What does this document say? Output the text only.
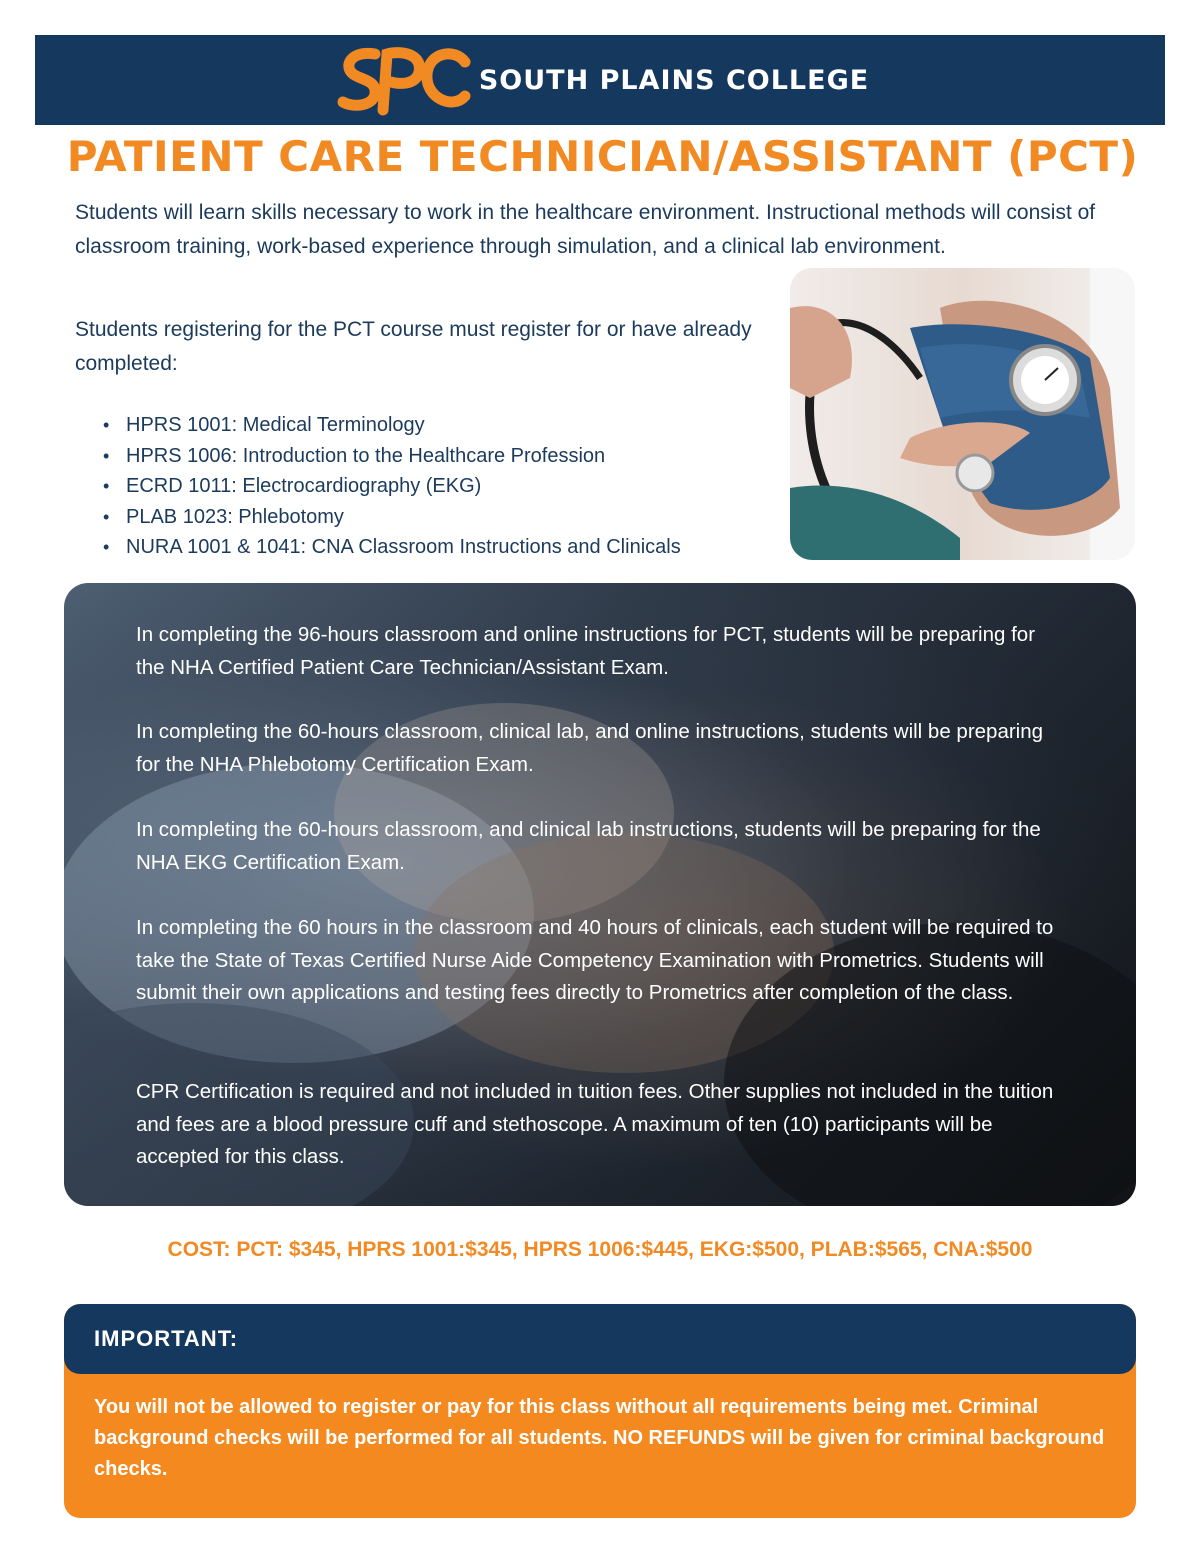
SOUTH PLAINS COLLEGE
PATIENT CARE TECHNICIAN/ASSISTANT (PCT)

Students will learn skills necessary to work in the healthcare environment. Instructional methods will consist of classroom training, work-based experience through simulation, and a clinical lab environment.

Students registering for the PCT course must register for or have already completed:

• HPRS 1001: Medical Terminology
• HPRS 1006: Introduction to the Healthcare Profession
• ECRD 1011: Electrocardiography (EKG)
• PLAB 1023: Phlebotomy
• NURA 1001 & 1041: CNA Classroom Instructions and Clinicals

In completing the 96-hours classroom and online instructions for PCT, students will be preparing for the NHA Certified Patient Care Technician/Assistant Exam.

In completing the 60-hours classroom, clinical lab, and online instructions, students will be preparing for the NHA Phlebotomy Certification Exam.

In completing the 60-hours classroom, and clinical lab instructions, students will be preparing for the NHA EKG Certification Exam.

In completing the 60 hours in the classroom and 40 hours of clinicals, each student will be required to take the State of Texas Certified Nurse Aide Competency Examination with Prometrics. Students will submit their own applications and testing fees directly to Prometrics after completion of the class.

CPR Certification is required and not included in tuition fees. Other supplies not included in the tuition and fees are a blood pressure cuff and stethoscope. A maximum of ten (10) participants will be accepted for this class.

COST: PCT: $345, HPRS 1001:$345, HPRS 1006:$445, EKG:$500, PLAB:$565, CNA:$500

IMPORTANT:

You will not be allowed to register or pay for this class without all requirements being met. Criminal background checks will be performed for all students. NO REFUNDS will be given for criminal background checks.
